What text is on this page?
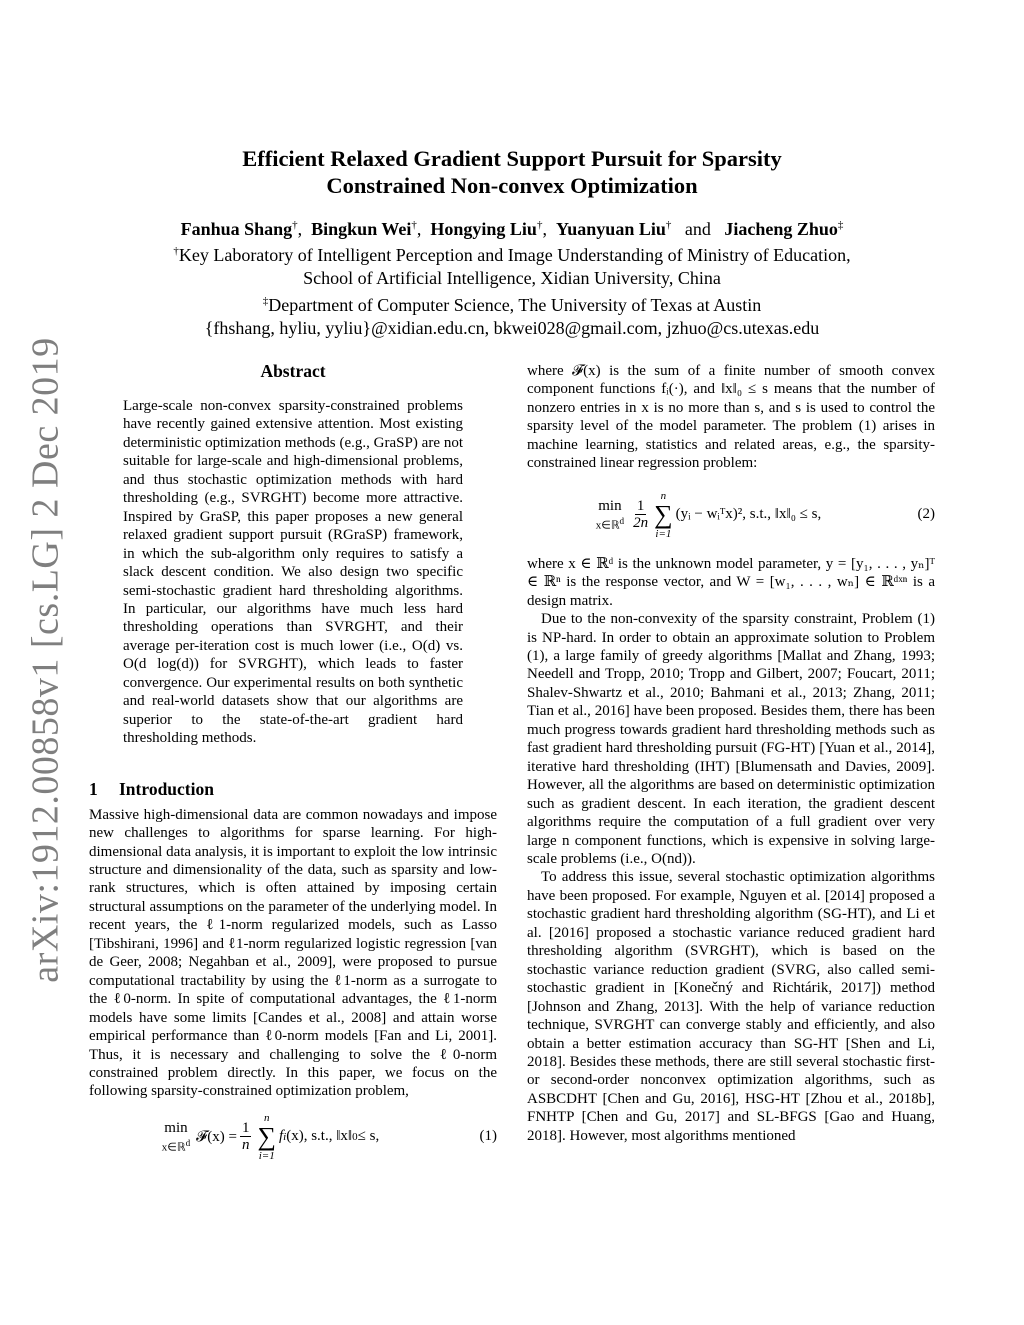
arXiv:1912.00858v1 [cs.LG] 2 Dec 2019
Efficient Relaxed Gradient Support Pursuit for Sparsity
Constrained Non-convex Optimization
Fanhua Shang†,  Bingkun Wei†,  Hongying Liu†,  Yuanyuan Liu† and Jiacheng Zhuo‡
†Key Laboratory of Intelligent Perception and Image Understanding of Ministry of Education,
School of Artificial Intelligence, Xidian University, China
‡Department of Computer Science, The University of Texas at Austin
{fhshang, hyliu, yyliu}@xidian.edu.cn, bkwei028@gmail.com, jzhuo@cs.utexas.edu
Abstract

Large-scale non-convex sparsity-constrained problems have recently gained extensive attention. Most existing deterministic optimization methods (e.g., GraSP) are not suitable for large-scale and high-dimensional problems, and thus stochastic optimization methods with hard thresholding (e.g., SVRGHT) become more attractive. Inspired by GraSP, this paper proposes a new general relaxed gradient support pursuit (RGraSP) framework, in which the sub-algorithm only requires to satisfy a slack descent condition. We also design two specific semi-stochastic gradient hard thresholding algorithms. In particular, our algorithms have much less hard thresholding operations than SVRGHT, and their average per-iteration cost is much lower (i.e., O(d) vs. O(d log(d)) for SVRGHT), which leads to faster convergence. Our experimental results on both synthetic and real-world datasets show that our algorithms are superior to the state-of-the-art gradient hard thresholding methods.

1 Introduction

Massive high-dimensional data are common nowadays and impose new challenges to algorithms for sparse learning. For high-dimensional data analysis, it is important to exploit the low intrinsic structure and dimensionality of the data, such as sparsity and low-rank structures, which is often attained by imposing certain structural assumptions on the parameter of the underlying model. In recent years, the ℓ1-norm regularized models, such as Lasso [Tibshirani, 1996] and ℓ1-norm regularized logistic regression [van de Geer, 2008; Negahban et al., 2009], were proposed to pursue computational tractability by using the ℓ1-norm as a surrogate to the ℓ0-norm. In spite of computational advantages, the ℓ1-norm models have some limits [Candes et al., 2008] and attain worse empirical performance than ℓ0-norm models [Fan and Li, 2001]. Thus, it is necessary and challenging to solve the ℓ0-norm constrained problem directly. In this paper, we focus on the following sparsity-constrained optimization problem,

min
x∈ℝ$^d$ 𝓕(x) = $\frac{1}{n}$
n
∑
i=1
f i (x), s.t., ‖x‖ 0 ≤ s,	(1)

where 𝓕(x) is the sum of a finite number of smooth convex component functions fᵢ(·), and ‖x‖₀ ≤ s means that the number of nonzero entries in x is no more than s, and s is used to control the sparsity level of the model parameter. The problem (1) arises in machine learning, statistics and related areas, e.g., the sparsity-constrained linear regression problem:

min
x∈ℝ$^d$ $\frac{1}{2n}$
n
∑
i=1
(yᵢ − wᵢᵀx)², s.t., ‖x‖₀ ≤ s,	(2)

where x ∈ ℝᵈ is the unknown model parameter, y = [y₁, . . . , yₙ]ᵀ ∈ ℝⁿ is the response vector, and W = [w₁, . . . , wₙ] ∈ ℝᵈˣⁿ is a design matrix.

Due to the non-convexity of the sparsity constraint, Problem (1) is NP-hard. In order to obtain an approximate solution to Problem (1), a large family of greedy algorithms [Mallat and Zhang, 1993; Needell and Tropp, 2010; Tropp and Gilbert, 2007; Foucart, 2011; Shalev-Shwartz et al., 2010; Bahmani et al., 2013; Zhang, 2011; Tian et al., 2016] have been proposed. Besides them, there has been much progress towards gradient hard thresholding methods such as fast gradient hard thresholding pursuit (FG-HT) [Yuan et al., 2014], iterative hard thresholding (IHT) [Blumensath and Davies, 2009]. However, all the algorithms are based on deterministic optimization such as gradient descent. In each iteration, the gradient descent algorithms require the computation of a full gradient over very large n component functions, which is expensive in solving large-scale problems (i.e., O(nd)).

To address this issue, several stochastic optimization algorithms have been proposed. For example, Nguyen et al. [2014] proposed a stochastic gradient hard thresholding algorithm (SG-HT), and Li et al. [2016] proposed a stochastic variance reduced gradient hard thresholding algorithm (SVRGHT), which is based on the stochastic variance reduction gradient (SVRG, also called semi-stochastic gradient in [Konečný and Richtárik, 2017]) method [Johnson and Zhang, 2013]. With the help of variance reduction technique, SVRGHT can converge stably and efficiently, and also obtain a better estimation accuracy than SG-HT [Shen and Li, 2018]. Besides these methods, there are still several stochastic first- or second-order nonconvex optimization algorithms, such as ASBCDHT [Chen and Gu, 2016], HSG-HT [Zhou et al., 2018b], FNHTP [Chen and Gu, 2017] and SL-BFGS [Gao and Huang, 2018]. However, most algorithms mentioned
